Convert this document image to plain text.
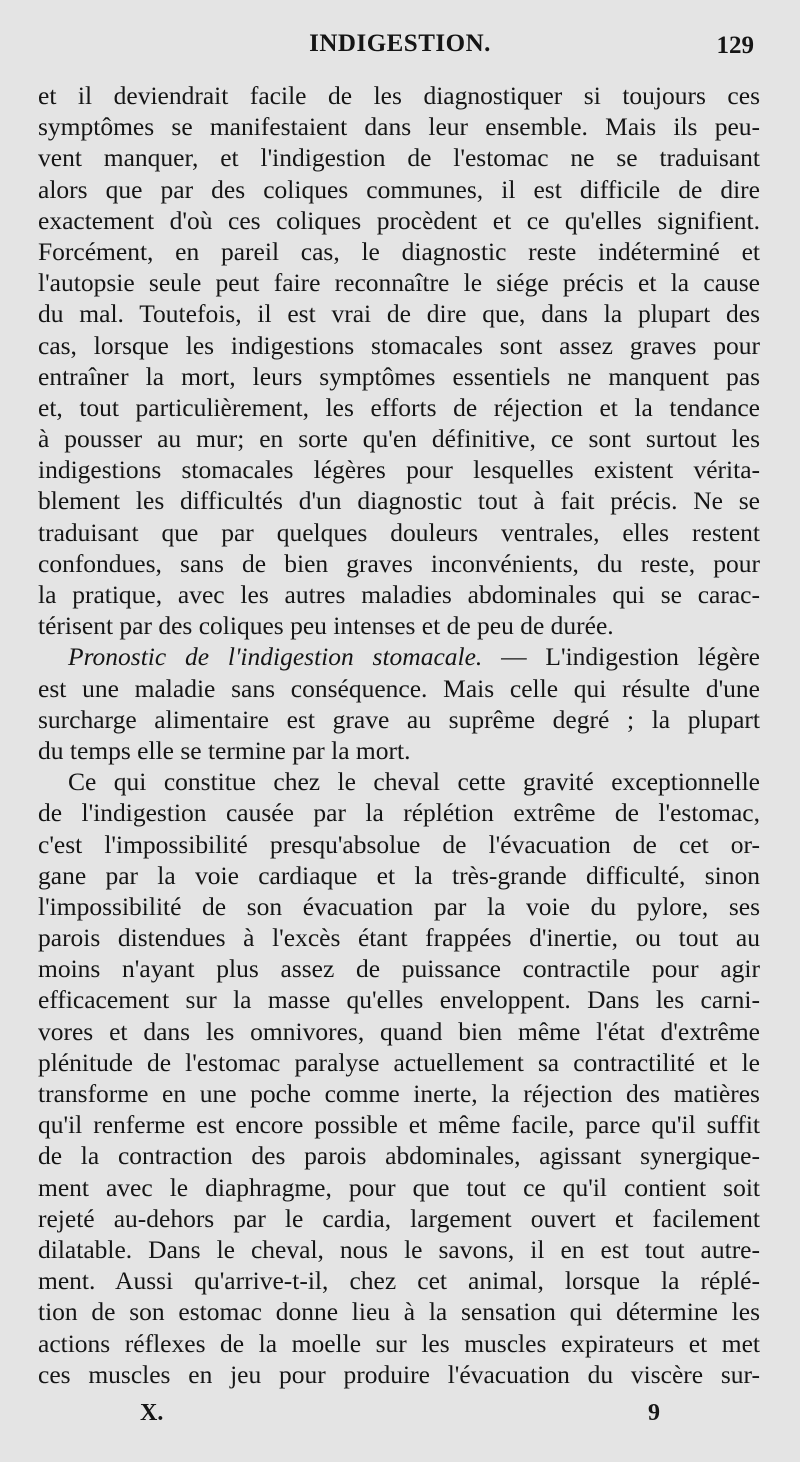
INDIGESTION.	129
et il deviendrait facile de les diagnostiquer si toujours ces
symptômes se manifestaient dans leur ensemble. Mais ils peu-
vent manquer, et l'indigestion de l'estomac ne se traduisant
alors que par des coliques communes, il est difficile de dire
exactement d'où ces coliques procèdent et ce qu'elles signifient.
Forcément, en pareil cas, le diagnostic reste indéterminé et
l'autopsie seule peut faire reconnaître le siége précis et la cause
du mal. Toutefois, il est vrai de dire que, dans la plupart des
cas, lorsque les indigestions stomacales sont assez graves pour
entraîner la mort, leurs symptômes essentiels ne manquent pas
et, tout particulièrement, les efforts de réjection et la tendance
à pousser au mur; en sorte qu'en définitive, ce sont surtout les
indigestions stomacales légères pour lesquelles existent vérita-
blement les difficultés d'un diagnostic tout à fait précis. Ne se
traduisant que par quelques douleurs ventrales, elles restent
confondues, sans de bien graves inconvénients, du reste, pour
la pratique, avec les autres maladies abdominales qui se carac-
térisent par des coliques peu intenses et de peu de durée.
Pronostic de l'indigestion stomacale. — L'indigestion légère
est une maladie sans conséquence. Mais celle qui résulte d'une
surcharge alimentaire est grave au suprême degré ; la plupart
du temps elle se termine par la mort.
Ce qui constitue chez le cheval cette gravité exceptionnelle
de l'indigestion causée par la réplétion extrême de l'estomac,
c'est l'impossibilité presqu'absolue de l'évacuation de cet or-
gane par la voie cardiaque et la très-grande difficulté, sinon
l'impossibilité de son évacuation par la voie du pylore, ses
parois distendues à l'excès étant frappées d'inertie, ou tout au
moins n'ayant plus assez de puissance contractile pour agir
efficacement sur la masse qu'elles enveloppent. Dans les carni-
vores et dans les omnivores, quand bien même l'état d'extrême
plénitude de l'estomac paralyse actuellement sa contractilité et le
transforme en une poche comme inerte, la réjection des matières
qu'il renferme est encore possible et même facile, parce qu'il suffit
de la contraction des parois abdominales, agissant synergique-
ment avec le diaphragme, pour que tout ce qu'il contient soit
rejeté au-dehors par le cardia, largement ouvert et facilement
dilatable. Dans le cheval, nous le savons, il en est tout autre-
ment. Aussi qu'arrive-t-il, chez cet animal, lorsque la réplé-
tion de son estomac donne lieu à la sensation qui détermine les
actions réflexes de la moelle sur les muscles expirateurs et met
ces muscles en jeu pour produire l'évacuation du viscère sur-
X.	9
